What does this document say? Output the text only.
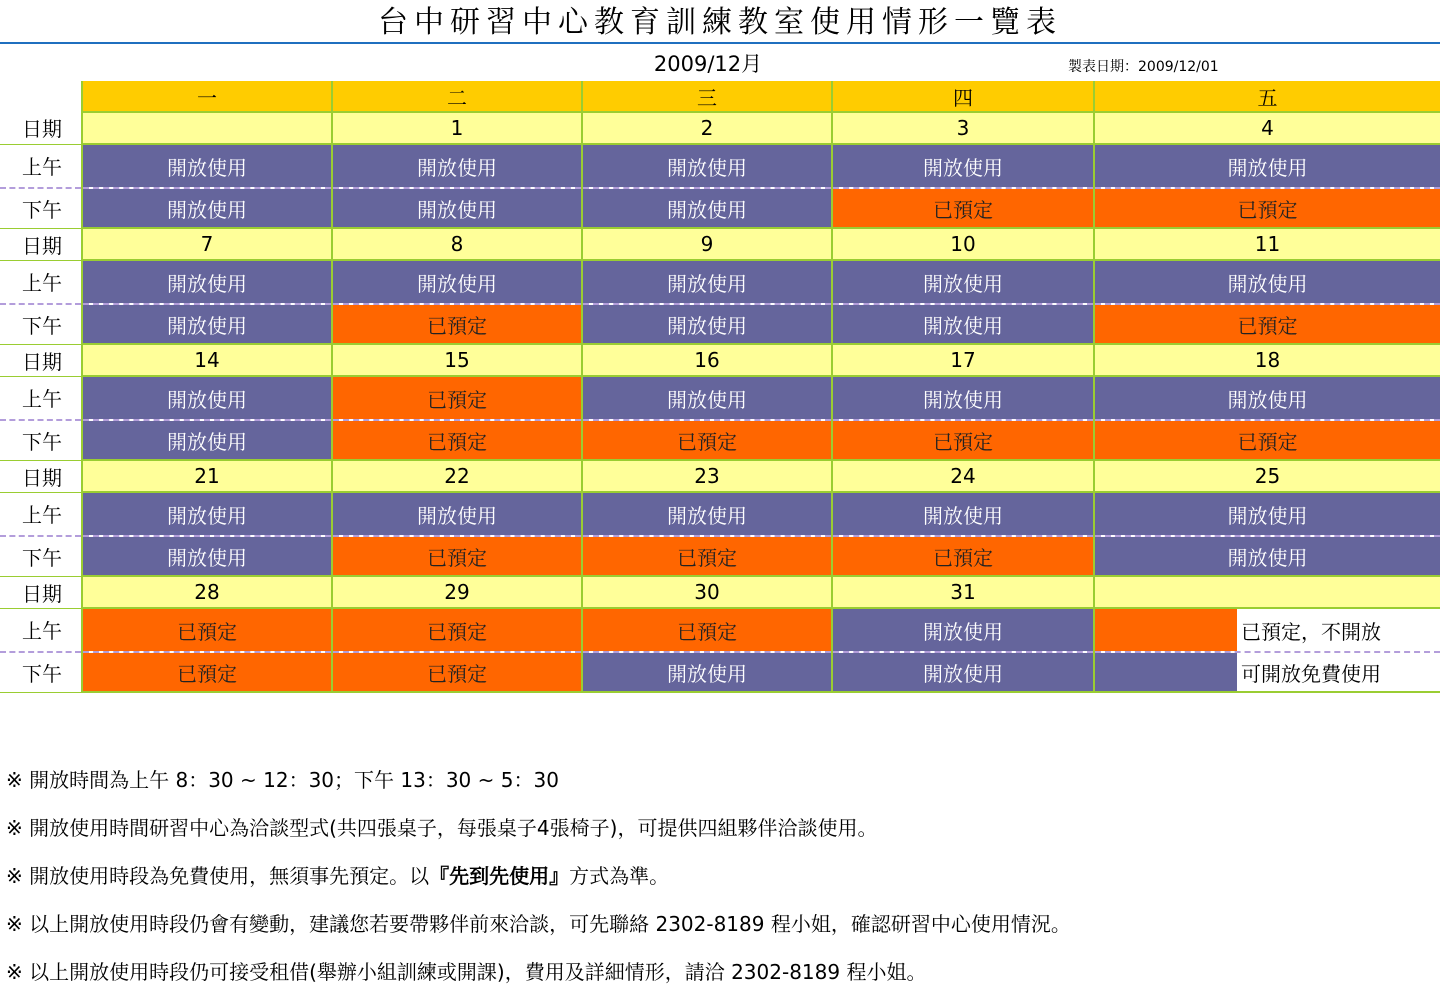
台中研習中心教育訓練教室使用情形一覽表
2009/12月	製表日期：2009/12/01
	一	二	三	四	五
日期		1	2	3	4
上午	開放使用	開放使用	開放使用	開放使用	開放使用
下午	開放使用	開放使用	開放使用	已預定	已預定
日期	7	8	9	10	11
上午	開放使用	開放使用	開放使用	開放使用	開放使用
下午	開放使用	已預定	開放使用	開放使用	已預定
日期	14	15	16	17	18
上午	開放使用	已預定	開放使用	開放使用	開放使用
下午	開放使用	已預定	已預定	已預定	已預定
日期	21	22	23	24	25
上午	開放使用	開放使用	開放使用	開放使用	開放使用
下午	開放使用	已預定	已預定	已預定	開放使用
日期	28	29	30	31	
上午	已預定	已預定	已預定	開放使用	已預定，不開放

下午	已預定	已預定	開放使用	開放使用	可開放免費使用
※ 開放時間為上午 8：30 ~ 12：30；下午 13：30 ~ 5：30
※ 開放使用時間研習中心為洽談型式(共四張桌子，每張桌子4張椅子)，可提供四組夥伴洽談使用。
※ 開放使用時段為免費使用，無須事先預定。以『先到先使用』方式為準。
※ 以上開放使用時段仍會有變動，建議您若要帶夥伴前來洽談，可先聯絡 2302-8189 程小姐，確認研習中心使用情況。
※ 以上開放使用時段仍可接受租借(舉辦小組訓練或開課)，費用及詳細情形，請洽 2302-8189 程小姐。
